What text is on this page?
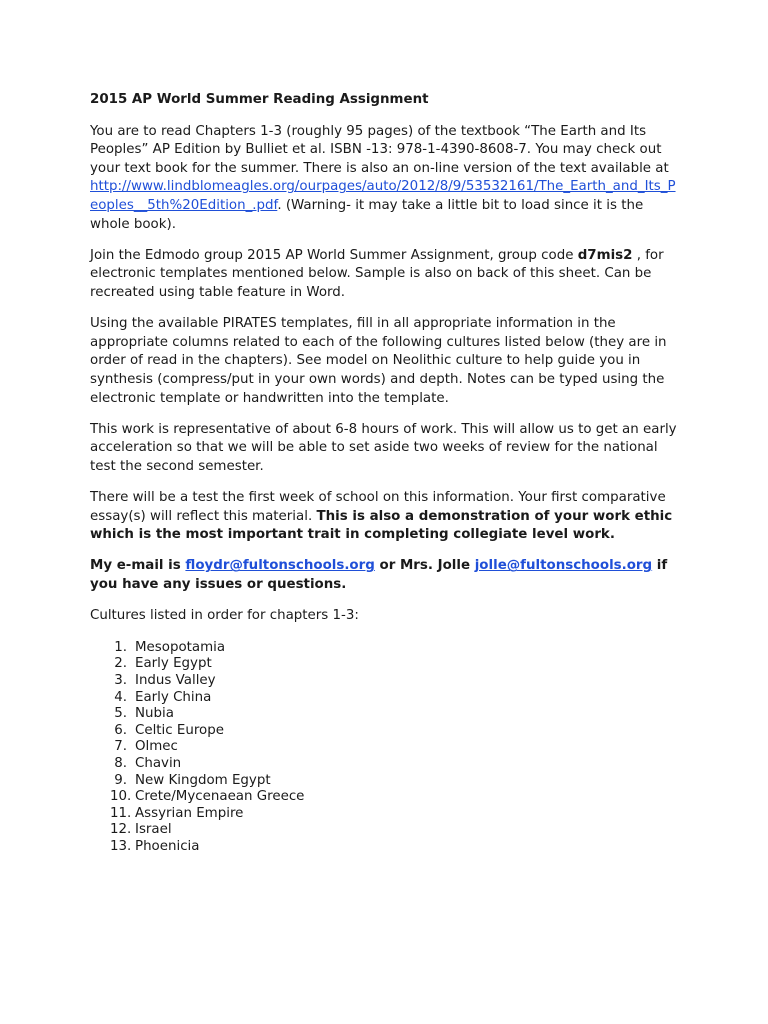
2015 AP World Summer Reading Assignment

You are to read Chapters 1-3 (roughly 95 pages) of the textbook “The Earth and Its Peoples” AP Edition by Bulliet et al. ISBN -13: 978-1-4390-8608-7. You may check out your text book for the summer. There is also an on-line version of the text available at http://www.lindblomeagles.org/ourpages/auto/2012/8/9/53532161/The_Earth_and_Its_Peoples__5th%20Edition_.pdf. (Warning- it may take a little bit to load since it is the whole book).

Join the Edmodo group 2015 AP World Summer Assignment, group code d7mis2 , for electronic templates mentioned below. Sample is also on back of this sheet. Can be recreated using table feature in Word.

Using the available PIRATES templates, fill in all appropriate information in the appropriate columns related to each of the following cultures listed below (they are in order of read in the chapters). See model on Neolithic culture to help guide you in synthesis (compress/put in your own words) and depth. Notes can be typed using the electronic template or handwritten into the template.

This work is representative of about 6-8 hours of work. This will allow us to get an early acceleration so that we will be able to set aside two weeks of review for the national test the second semester.

There will be a test the first week of school on this information. Your first comparative essay(s) will reflect this material. This is also a demonstration of your work ethic which is the most important trait in completing collegiate level work.

My e-mail is floydr@fultonschools.org or Mrs. Jolle jolle@fultonschools.org if you have any issues or questions.

Cultures listed in order for chapters 1-3:

1. Mesopotamia
2. Early Egypt
3. Indus Valley
4. Early China
5. Nubia
6. Celtic Europe
7. Olmec
8. Chavin
9. New Kingdom Egypt
10. Crete/Mycenaean Greece
11. Assyrian Empire
12. Israel
13. Phoenicia
